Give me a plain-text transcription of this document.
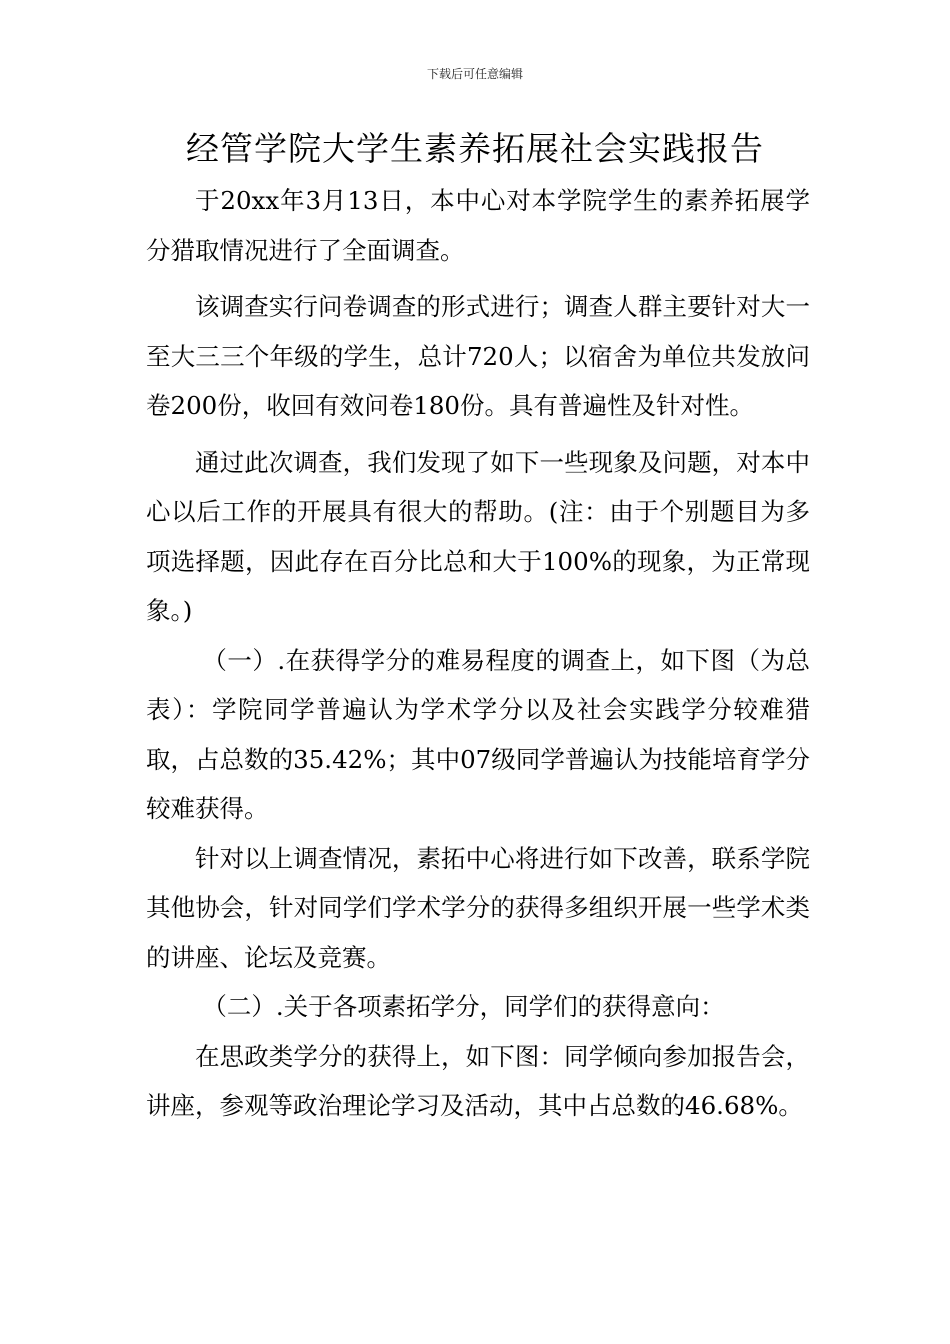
下载后可任意编辑
经管学院大学生素养拓展社会实践报告

于20xx年3月13日，本中心对本学院学生的素养拓展学分猎取情况进行了全面调查。

该调查实行问卷调查的形式进行；调查人群主要针对大一至大三三个年级的学生，总计720人；以宿舍为单位共发放问卷200份，收回有效问卷180份。具有普遍性及针对性。

通过此次调查，我们发现了如下一些现象及问题，对本中心以后工作的开展具有很大的帮助。(注：由于个别题目为多项选择题，因此存在百分比总和大于100%的现象，为正常现象。)

（一）.在获得学分的难易程度的调查上，如下图（为总表）：学院同学普遍认为学术学分以及社会实践学分较难猎取，占总数的35.42%；其中07级同学普遍认为技能培育学分较难获得。

针对以上调查情况，素拓中心将进行如下改善，联系学院其他协会，针对同学们学术学分的获得多组织开展一些学术类的讲座、论坛及竞赛。

（二）.关于各项素拓学分，同学们的获得意向：

在思政类学分的获得上，如下图：同学倾向参加报告会，讲座，参观等政治理论学习及活动，其中占总数的46.68%。
